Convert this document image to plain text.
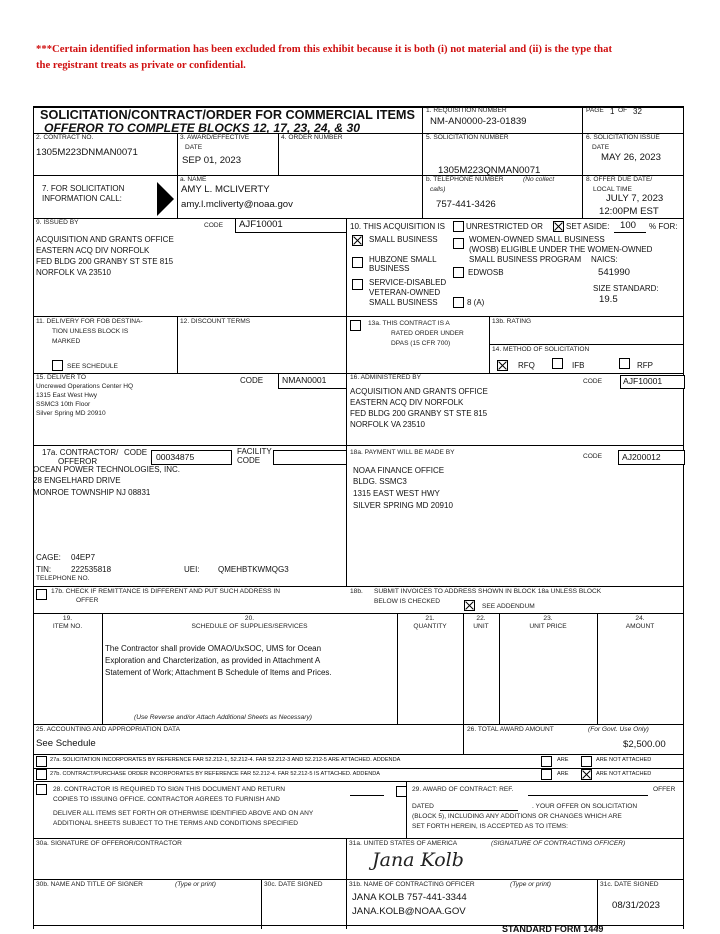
***Certain identified information has been excluded from this exhibit because it is both (i) not material and (ii) is the type that
the registrant treats as private or confidential.
SOLICITATION/CONTRACT/ORDER FOR COMMERCIAL ITEMS
OFFEROR TO COMPLETE BLOCKS 12, 17, 23, 24, & 30
1. REQUISITION NUMBER
NM-AN0000-23-01839
PAGE 1 OF 32
2. CONTRACT NO.
1305M223DNMAN0071
3. AWARD/EFFECTIVE
DATE
SEP 01, 2023
4. ORDER NUMBER	5. SOLICITATION NUMBER
1305M223QNMAN0071
6. SOLICITATION ISSUE
DATE
MAY 26, 2023
7. FOR SOLICITATION
INFORMATION CALL:
a. NAME
AMY L. MCLIVERTY
amy.l.mcliverty@noaa.gov
b. TELEPHONE NUMBER	(No collect
calls)
757-441-3426
8. OFFER DUE DATE/
LOCAL TIME
JULY 7, 2023
12:00PM EST
9. ISSUED BY	CODE AJF10001
ACQUISITION AND GRANTS OFFICE
EASTERN ACQ DIV NORFOLK
FED BLDG 200 GRANBY ST STE 815
NORFOLK VA 23510
10. THIS ACQUISITION IS	UNRESTRICTED OR	SET ASIDE: 100 % FOR:
SMALL BUSINESS	WOMEN-OWNED SMALL BUSINESS
(WOSB) ELIGIBLE UNDER THE WOMEN-OWNED
SMALL BUSINESS PROGRAM NAICS:
541990
HUBZONE SMALL
BUSINESS	EDWOSB
SERVICE-DISABLED
VETERAN-OWNED
SMALL BUSINESS	8 (A)
SIZE STANDARD:
19.5
11. DELIVERY FOR FOB DESTINA-
TION UNLESS BLOCK IS
MARKED
SEE SCHEDULE
12. DISCOUNT TERMS	13a. THIS CONTRACT IS A
RATED ORDER UNDER
DPAS (15 CFR 700)
13b. RATING
14. METHOD OF SOLICITATION
RFQ	IFB	RFP
15. DELIVER TO	CODE NMAN0001
Uncrewed Operations Center HQ
1315 East West Hwy
SSMC3 10th Floor
Silver Spring MD 20910
16. ADMINISTERED BY
CODE AJF10001
ACQUISITION AND GRANTS OFFICE
EASTERN ACQ DIV NORFOLK
FED BLDG 200 GRANBY ST STE 815
NORFOLK VA 23510
17a. CONTRACTOR/
OFFEROR
CODE 00034875
FACILITY
CODE
OCEAN POWER TECHNOLOGIES, INC.
28 ENGELHARD DRIVE
MONROE TOWNSHIP NJ 08831
CAGE: 04EP7
TIN: 222535818	UEI: QMEHBTKWMQG3
TELEPHONE NO.
17b. CHECK IF REMITTANCE IS DIFFERENT AND PUT SUCH ADDRESS IN
OFFER
18a. PAYMENT WILL BE MADE BY
CODE AJ200012
NOAA FINANCE OFFICE
BLDG. SSMC3
1315 EAST WEST HWY
SILVER SPRING MD 20910
18b. SUBMIT INVOICES TO ADDRESS SHOWN IN BLOCK 18a UNLESS BLOCK
BELOW IS CHECKED
SEE ADDENDUM
19.
ITEM NO.
20.
SCHEDULE OF SUPPLIES/SERVICES
21.
QUANTITY
22.
UNIT
23.
UNIT PRICE
24.
AMOUNT
The Contractor shall provide OMAO/UxSOC, UMS for Ocean
Exploration and Charcterization, as provided in Attachment A
Statement of Work; Attachment B Schedule of Items and Prices.
(Use Reverse and/or Attach Additional Sheets as Necessary)
25. ACCOUNTING AND APPROPRIATION DATA
See Schedule
26. TOTAL AWARD AMOUNT	(For Govt. Use Only)
$2,500.00
27a. SOLICITATION INCORPORATES BY REFERENCE FAR 52.212-1, 52.212-4. FAR 52.212-3 AND 52.212-5 ARE ATTACHED. ADDENDA	ARE	ARE NOT ATTACHED
27b. CONTRACT/PURCHASE ORDER INCORPORATES BY REFERENCE FAR 52.212-4. FAR 52.212-5 IS ATTACHED. ADDENDA	ARE	ARE NOT ATTACHED
28. CONTRACTOR IS REQUIRED TO SIGN THIS DOCUMENT AND RETURN
COPIES TO ISSUING OFFICE. CONTRACTOR AGREES TO FURNISH AND
DELIVER ALL ITEMS SET FORTH OR OTHERWISE IDENTIFIED ABOVE AND ON ANY
ADDITIONAL SHEETS SUBJECT TO THE TERMS AND CONDITIONS SPECIFIED
29. AWARD OF CONTRACT: REF.	OFFER
DATED	. YOUR OFFER ON SOLICITATION
(BLOCK 5), INCLUDING ANY ADDITIONS OR CHANGES WHICH ARE
SET FORTH HEREIN, IS ACCEPTED AS TO ITEMS:
30a. SIGNATURE OF OFFEROR/CONTRACTOR	31a. UNITED STATES OF AMERICA	(SIGNATURE OF CONTRACTING OFFICER)
Jana Kolb
30b. NAME AND TITLE OF SIGNER	(Type or print)	30c. DATE SIGNED	31b. NAME OF CONTRACTING OFFICER	(Type or print)
JANA KOLB 757-441-3344
JANA.KOLB@NOAA.GOV
31c. DATE SIGNED
08/31/2023
STANDARD FORM 1449
